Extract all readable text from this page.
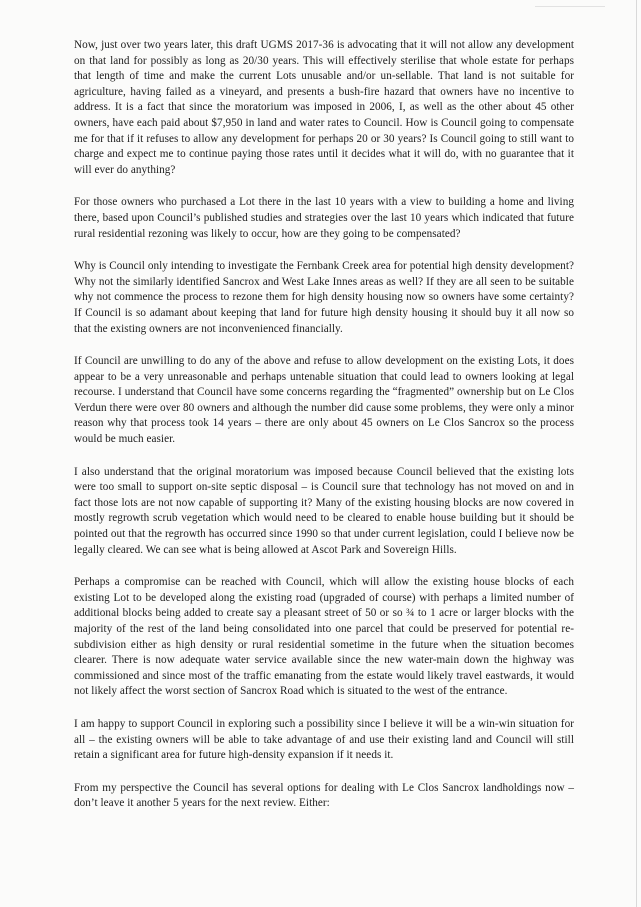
Now, just over two years later, this draft UGMS 2017-36 is advocating that it will not allow any development on that land for possibly as long as 20/30 years. This will effectively sterilise that whole estate for perhaps that length of time and make the current Lots unusable and/or un-sellable. That land is not suitable for agriculture, having failed as a vineyard, and presents a bush-fire hazard that owners have no incentive to address. It is a fact that since the moratorium was imposed in 2006, I, as well as the other about 45 other owners, have each paid about $7,950 in land and water rates to Council. How is Council going to compensate me for that if it refuses to allow any development for perhaps 20 or 30 years? Is Council going to still want to charge and expect me to continue paying those rates until it decides what it will do, with no guarantee that it will ever do anything?

For those owners who purchased a Lot there in the last 10 years with a view to building a home and living there, based upon Council’s published studies and strategies over the last 10 years which indicated that future rural residential rezoning was likely to occur, how are they going to be compensated?

Why is Council only intending to investigate the Fernbank Creek area for potential high density development? Why not the similarly identified Sancrox and West Lake Innes areas as well? If they are all seen to be suitable why not commence the process to rezone them for high density housing now so owners have some certainty? If Council is so adamant about keeping that land for future high density housing it should buy it all now so that the existing owners are not inconvenienced financially.

If Council are unwilling to do any of the above and refuse to allow development on the existing Lots, it does appear to be a very unreasonable and perhaps untenable situation that could lead to owners looking at legal recourse. I understand that Council have some concerns regarding the “fragmented” ownership but on Le Clos Verdun there were over 80 owners and although the number did cause some problems, they were only a minor reason why that process took 14 years – there are only about 45 owners on Le Clos Sancrox so the process would be much easier.

I also understand that the original moratorium was imposed because Council believed that the existing lots were too small to support on-site septic disposal – is Council sure that technology has not moved on and in fact those lots are not now capable of supporting it? Many of the existing housing blocks are now covered in mostly regrowth scrub vegetation which would need to be cleared to enable house building but it should be pointed out that the regrowth has occurred since 1990 so that under current legislation, could I believe now be legally cleared. We can see what is being allowed at Ascot Park and Sovereign Hills.

Perhaps a compromise can be reached with Council, which will allow the existing house blocks of each existing Lot to be developed along the existing road (upgraded of course) with perhaps a limited number of additional blocks being added to create say a pleasant street of 50 or so ¾ to 1 acre or larger blocks with the majority of the rest of the land being consolidated into one parcel that could be preserved for potential re-subdivision either as high density or rural residential sometime in the future when the situation becomes clearer. There is now adequate water service available since the new water-main down the highway was commissioned and since most of the traffic emanating from the estate would likely travel eastwards, it would not likely affect the worst section of Sancrox Road which is situated to the west of the entrance.

I am happy to support Council in exploring such a possibility since I believe it will be a win-win situation for all – the existing owners will be able to take advantage of and use their existing land and Council will still retain a significant area for future high-density expansion if it needs it.

From my perspective the Council has several options for dealing with Le Clos Sancrox landholdings now – don’t leave it another 5 years for the next review. Either:
